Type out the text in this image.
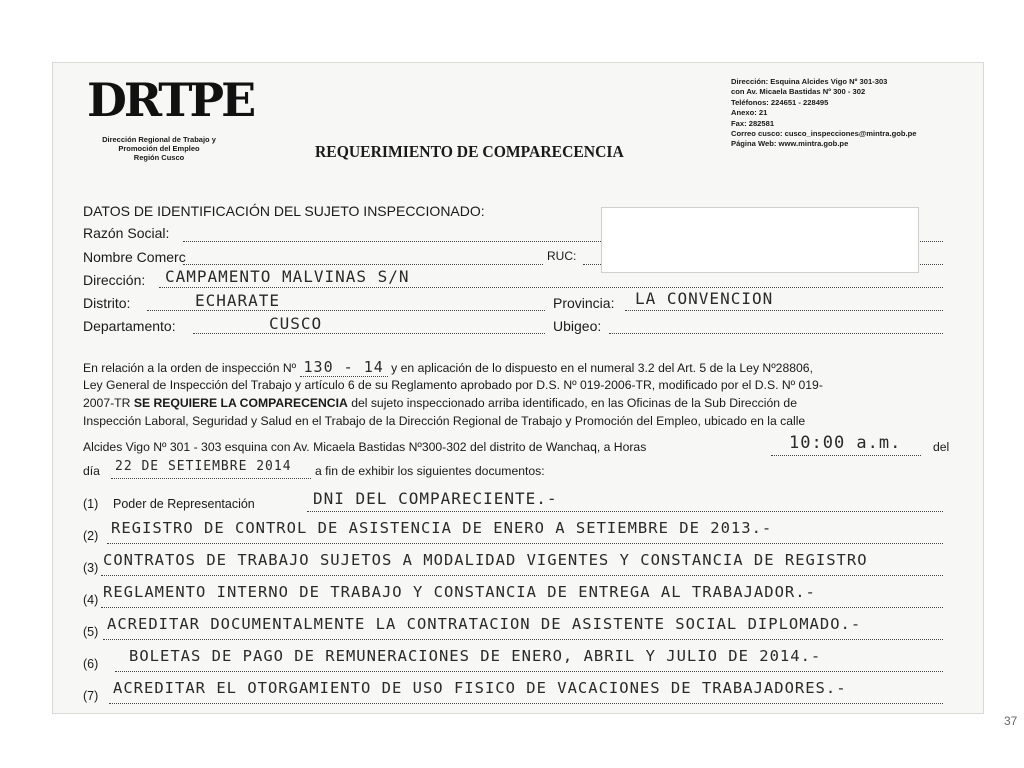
DRTPE
Dirección Regional de Trabajo y
Promoción del Empleo
Región Cusco	REQUERIMIENTO DE COMPARECENCIA
Dirección: Esquina Alcides Vigo Nº 301-303
con Av. Micaela Bastidas Nº 300 - 302
Teléfonos: 224651 - 228495
Anexo: 21
Fax: 282581
Correo cusco: cusco_inspecciones@mintra.gob.pe
Página Web: www.mintra.gob.pe
DATOS DE IDENTIFICACIÓN DEL SUJETO INSPECCIONADO:
Razón Social:
Nombre Comerc	RUC:
Dirección: CAMPAMENTO MALVINAS S/N
Distrito:	ECHARATE	Provincia: LA CONVENCION
Departamento:	CUSCO	Ubigeo:
En relación a la orden de inspección Nº 130 - 14 y en aplicación de lo dispuesto en el numeral 3.2 del Art. 5 de la Ley Nº28806,
Ley General de Inspección del Trabajo y artículo 6 de su Reglamento aprobado por D.S. Nº 019-2006-TR, modificado por el D.S. Nº 019-
2007-TR SE REQUIERE LA COMPARECENCIA del sujeto inspeccionado arriba identificado, en las Oficinas de la Sub Dirección de
Inspección Laboral, Seguridad y Salud en el Trabajo de la Dirección Regional de Trabajo y Promoción del Empleo, ubicado en la calle
Alcides Vigo Nº 301 - 303 esquina con Av. Micaela Bastidas Nº300-302 del distrito de Wanchaq, a Horas	10:00 a.m.	del
día 22 DE SETIEMBRE 2014 a fin de exhibir los siguientes documentos:
(1) Poder de Representación	DNI DEL COMPARECIENTE.-
(2) REGISTRO DE CONTROL DE ASISTENCIA DE ENERO A SETIEMBRE DE 2013.-
(3) CONTRATOS DE TRABAJO SUJETOS A MODALIDAD VIGENTES Y CONSTANCIA DE REGISTRO
(4) REGLAMENTO INTERNO DE TRABAJO Y CONSTANCIA DE ENTREGA AL TRABAJADOR.-
(5) ACREDITAR DOCUMENTALMENTE LA CONTRATACION DE ASISTENTE SOCIAL DIPLOMADO.-
(6) BOLETAS DE PAGO DE REMUNERACIONES DE ENERO, ABRIL Y JULIO DE 2014.-
(7) ACREDITAR EL OTORGAMIENTO DE USO FISICO DE VACACIONES DE TRABAJADORES.-
37
